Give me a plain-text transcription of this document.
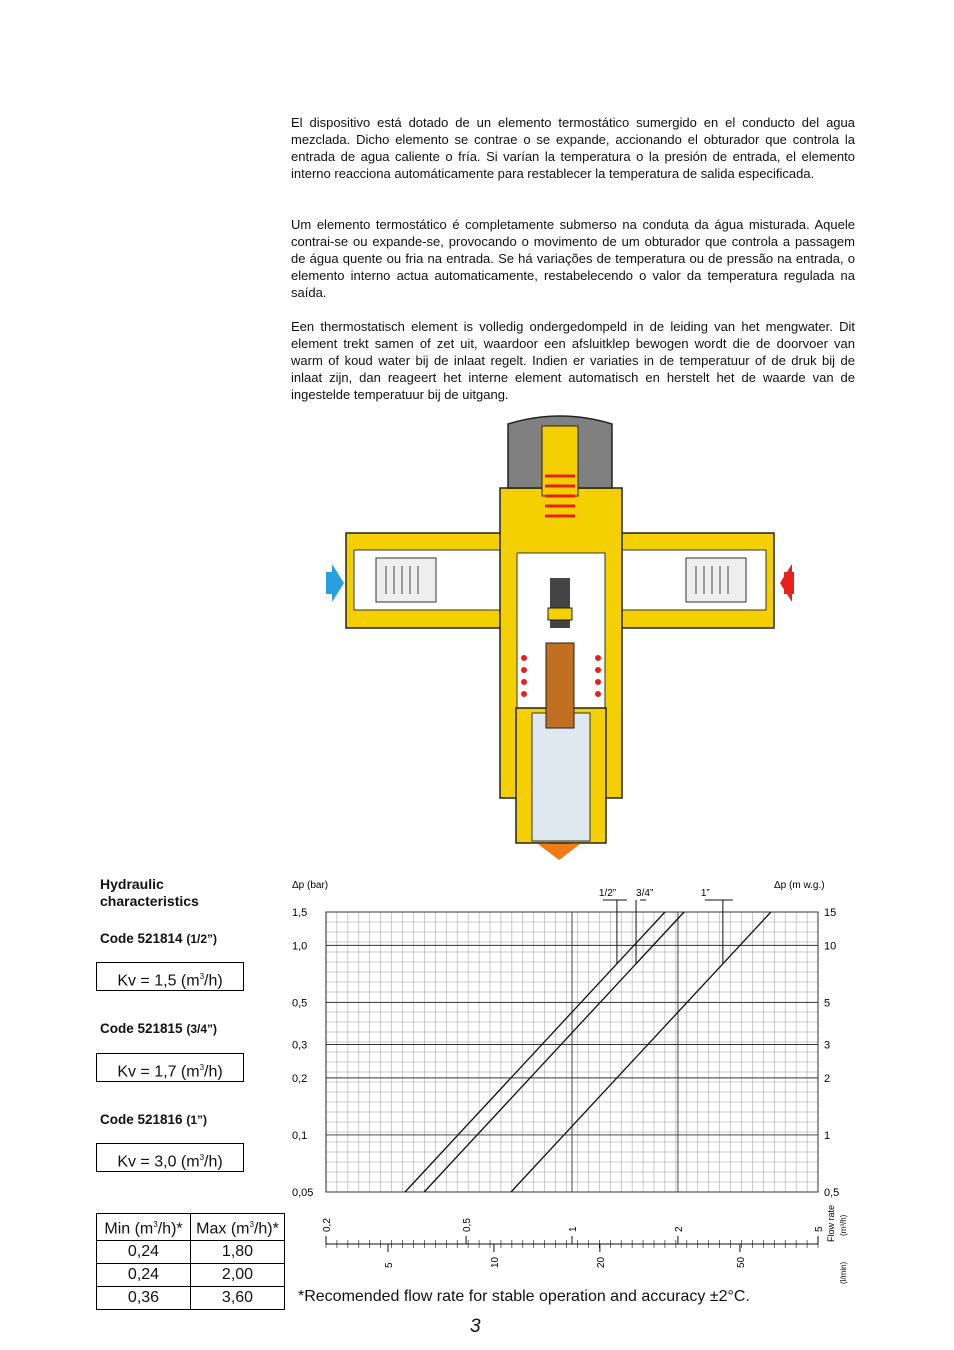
El dispositivo está dotado de un elemento termostático sumergido en el conducto del agua mezclada. Dicho elemento se contrae o se expande, accionando el obturador que controla la entrada de agua caliente o fría. Si varían la temperatura o la presión de entrada, el elemento interno reacciona automáticamente para restablecer la temperatura de salida especificada.

Um elemento termostático é completamente submerso na conduta da água misturada. Aquele contrai-se ou expande-se, provocando o movimento de um obturador que controla a passagem de água quente ou fria na entrada. Se há variações de temperatura ou de pressão na entrada, o elemento interno actua automaticamente, restabelecendo o valor da temperatura regulada na saída.

Een thermostatisch element is volledig ondergedompeld in de leiding van het mengwater. Dit element trekt samen of zet uit, waardoor een afsluitklep bewogen wordt die de doorvoer van warm of koud water bij de inlaat regelt. Indien er variaties in de temperatuur of de druk bij de inlaat zijn, dan reageert het interne element automatisch en herstelt het de waarde van de ingestelde temperatuur bij de uitgang.

Hydraulic
characteristics
Code 521814 (1/2”)
Kv = 1,5 $(m^3/h)$
Code 521815 (3/4”)
Kv = 1,7 $(m^3/h)$
Code 521816 (1”)
Kv = 3,0 $(m^3/h)$
1,5	15
1,0	10
0,5	5
0,3	3
0,2	2
0,1	1
0,05	0,5
Δp (bar)	Δp (m w.g.)
1/2” 3/4”	1”
0,2	0,5	1	2	5
5	10	20	50
Flow rate
(l/min)
(m³/h)
Min $(m^3/h)*$	Max $(m^3/h)*$
0,24	1,80
0,24	2,00
0,36	3,60	*Recomended flow rate for stable operation and accuracy ±2°C.
3
